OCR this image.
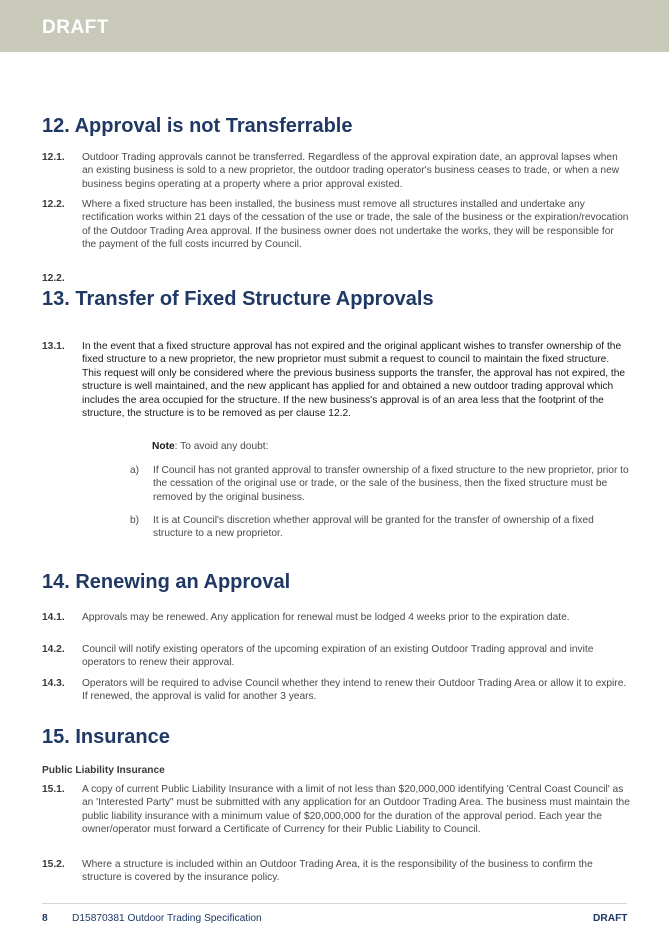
DRAFT
12. Approval is not Transferrable
12.1. Outdoor Trading approvals cannot be transferred. Regardless of the approval expiration date, an approval lapses when an existing business is sold to a new proprietor, the outdoor trading operator's business ceases to trade, or when a new business begins operating at a property where a prior approval existed.
12.2. Where a fixed structure has been installed, the business must remove all structures installed and undertake any rectification works within 21 days of the cessation of the use or trade, the sale of the business or the expiration/revocation of the Outdoor Trading Area approval. If the business owner does not undertake the works, they will be responsible for the payment of the full costs incurred by Council.
12.2.
13. Transfer of Fixed Structure Approvals
13.1. In the event that a fixed structure approval has not expired and the original applicant wishes to transfer ownership of the fixed structure to a new proprietor, the new proprietor must submit a request to council to maintain the fixed structure. This request will only be considered where the previous business supports the transfer, the approval has not expired, the structure is well maintained, and the new applicant has applied for and obtained a new outdoor trading approval which includes the area occupied for the structure. If the new business's approval is of an area less that the footprint of the structure, the structure is to be removed as per clause 12.2.
Note: To avoid any doubt:
a) If Council has not granted approval to transfer ownership of a fixed structure to the new proprietor, prior to the cessation of the original use or trade, or the sale of the business, then the fixed structure must be removed by the original business.
b) It is at Council's discretion whether approval will be granted for the transfer of ownership of a fixed structure to a new proprietor.
14. Renewing an Approval
14.1. Approvals may be renewed. Any application for renewal must be lodged 4 weeks prior to the expiration date.
14.2. Council will notify existing operators of the upcoming expiration of an existing Outdoor Trading approval and invite operators to renew their approval.
14.3. Operators will be required to advise Council whether they intend to renew their Outdoor Trading Area or allow it to expire. If renewed, the approval is valid for another 3 years.
15. Insurance
Public Liability Insurance
15.1. A copy of current Public Liability Insurance with a limit of not less than $20,000,000 identifying 'Central Coast Council' as an 'Interested Party" must be submitted with any application for an Outdoor Trading Area. The business must maintain the public liability insurance with a minimum value of $20,000,000 for the duration of the approval period. Each year the owner/operator must forward a Certificate of Currency for their Public Liability to Council.
15.2. Where a structure is included within an Outdoor Trading Area, it is the responsibility of the business to confirm the structure is covered by the insurance policy.
8 D15870381 Outdoor Trading Specification	DRAFT
